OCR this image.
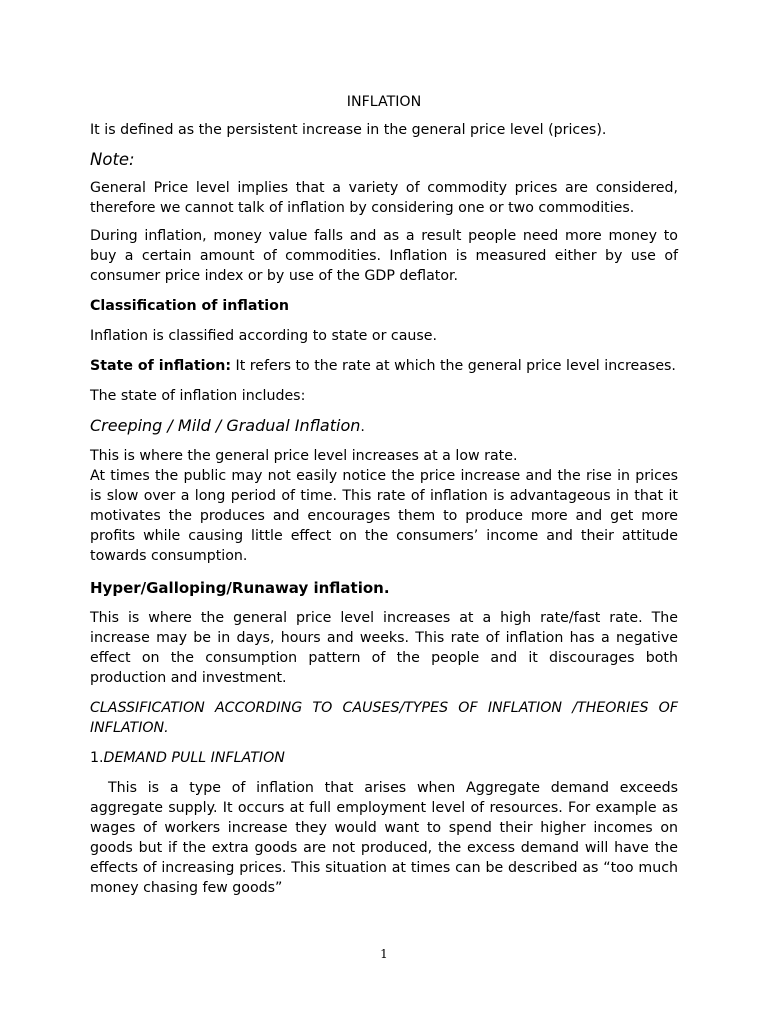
INFLATION

It is defined as the persistent increase in the general price level (prices).

Note:

General Price level implies that a variety of commodity prices are considered, therefore we cannot talk of inflation by considering one or two commodities.

During inflation, money value falls and as a result people need more money to buy a certain amount of commodities. Inflation is measured either by use of consumer price index or by use of the GDP deflator.

Classification of inflation

Inflation is classified according to state or cause.

State of inflation: It refers to the rate at which the general price level increases.

The state of inflation includes:

Creeping / Mild / Gradual Inflation.

This is where the general price level increases at a low rate.

At times the public may not easily notice the price increase and the rise in prices is slow over a long period of time. This rate of inflation is advantageous in that it motivates the produces and encourages them to produce more and get more profits while causing little effect on the consumers’ income and their attitude towards consumption.

Hyper/Galloping/Runaway inflation.

This is where the general price level increases at a high rate/fast rate. The increase may be in days, hours and weeks. This rate of inflation has a negative effect on the consumption pattern of the people and it discourages both production and investment.

CLASSIFICATION ACCORDING TO CAUSES/TYPES OF INFLATION /THEORIES OF INFLATION.

1.DEMAND PULL INFLATION

This is a type of inflation that arises when Aggregate demand exceeds aggregate supply. It occurs at full employment level of resources. For example as wages of workers increase they would want to spend their higher incomes on goods but if the extra goods are not produced, the excess demand will have the effects of increasing prices. This situation at times can be described as “too much money chasing few goods”

1
